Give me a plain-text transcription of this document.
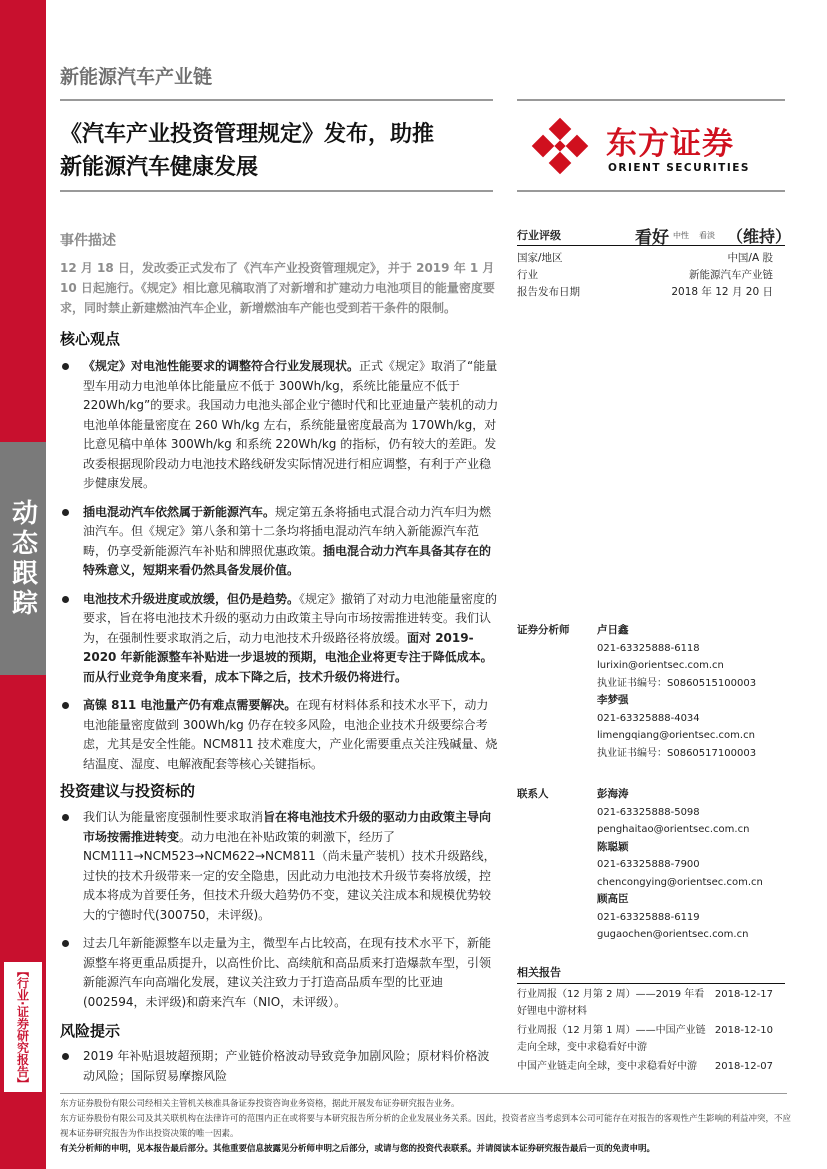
动态跟踪
【行业·证券研究报告】
新能源汽车产业链
《汽车产业投资管理规定》发布，助推
新能源汽车健康发展
东方证券
ORIENT SECURITIES
事件描述
12 月 18 日，发改委正式发布了《汽车产业投资管理规定》，并于 2019 年 1 月 10 日起施行。《规定》相比意见稿取消了对新增和扩建动力电池项目的能量密度要求，同时禁止新建燃油汽车企业，新增燃油车产能也受到若干条件的限制。
核心观点
《规定》对电池性能要求的调整符合行业发展现状。正式《规定》取消了“能量型车用动力电池单体比能量应不低于 300Wh/kg，系统比能量应不低于 220Wh/kg”的要求。我国动力电池头部企业宁德时代和比亚迪量产装机的动力电池单体能量密度在 260 Wh/kg 左右，系统能量密度最高为 170Wh/kg，对比意见稿中单体 300Wh/kg 和系统 220Wh/kg 的指标，仍有较大的差距。发改委根据现阶段动力电池技术路线研发实际情况进行相应调整，有利于产业稳步健康发展。
插电混动汽车依然属于新能源汽车。规定第五条将插电式混合动力汽车归为燃油汽车。但《规定》第八条和第十二条均将插电混动汽车纳入新能源汽车范畴，仍享受新能源汽车补贴和牌照优惠政策。插电混合动力汽车具备其存在的特殊意义，短期来看仍然具备发展价值。
电池技术升级进度或放缓，但仍是趋势。《规定》撤销了对动力电池能量密度的要求，旨在将电池技术升级的驱动力由政策主导向市场按需推进转变。我们认为，在强制性要求取消之后，动力电池技术升级路径将放缓。面对 2019-2020 年新能源整车补贴进一步退坡的预期，电池企业将更专注于降低成本。而从行业竞争角度来看，成本下降之后，技术升级仍将进行。
高镍 811 电池量产仍有难点需要解决。在现有材料体系和技术水平下，动力电池能量密度做到 300Wh/kg 仍存在较多风险，电池企业技术升级要综合考虑，尤其是安全性能。NCM811 技术难度大，产业化需要重点关注残碱量、烧结温度、湿度、电解液配套等核心关键指标。
投资建议与投资标的
我们认为能量密度强制性要求取消旨在将电池技术升级的驱动力由政策主导向市场按需推进转变。动力电池在补贴政策的刺激下，经历了 NCM111→NCM523→NCM622→NCM811（尚未量产装机）技术升级路线，过快的技术升级带来一定的安全隐患，因此动力电池技术升级节奏将放缓，控成本将成为首要任务，但技术升级大趋势仍不变，建议关注成本和规模优势较大的宁德时代(300750，未评级)。
过去几年新能源整车以走量为主，微型车占比较高，在现有技术水平下，新能源整车将更重品质提升，以高性价比、高续航和高品质来打造爆款车型，引领新能源汽车向高端化发展，建议关注致力于打造高品质车型的比亚迪(002594，未评级)和蔚来汽车（NIO，未评级）。
风险提示
2019 年补贴退坡超预期；产业链价格波动导致竞争加剧风险；原材料价格波动风险；国际贸易摩擦风险
行业评级	看好 中性 看淡 （维持）
国家/地区	中国/A 股
行业	新能源汽车产业链
报告发布日期	2018 年 12 月 20 日
证券分析师	卢日鑫
021-63325888-6118
lurixin@orientsec.com.cn
执业证书编号：S0860515100003
李梦强
021-63325888-4034
limengqiang@orientsec.com.cn
执业证书编号：S0860517100003
联系人	彭海涛
021-63325888-5098
penghaitao@orientsec.com.cn
陈聪颖
021-63325888-7900
chencongying@orientsec.com.cn
顾高臣
021-63325888-6119
gugaochen@orientsec.com.cn
相关报告
行业周报（12 月第 2 周）——2019 年看好锂电中游材料
2018-12-17
行业周报（12 月第 1 周）——中国产业链走向全球，变中求稳看好中游
2018-12-10
中国产业链走向全球，变中求稳看好中游	2018-12-07
东方证券股份有限公司经相关主管机关核准具备证券投资咨询业务资格，据此开展发布证券研究报告业务。
东方证券股份有限公司及其关联机构在法律许可的范围内正在或将要与本研究报告所分析的企业发展业务关系。因此，投资者应当考虑到本公司可能存在对报告的客观性产生影响的利益冲突，不应视本证券研究报告为作出投资决策的唯一因素。
有关分析师的申明，见本报告最后部分。其他重要信息披露见分析师申明之后部分，或请与您的投资代表联系。并请阅读本证券研究报告最后一页的免责申明。
